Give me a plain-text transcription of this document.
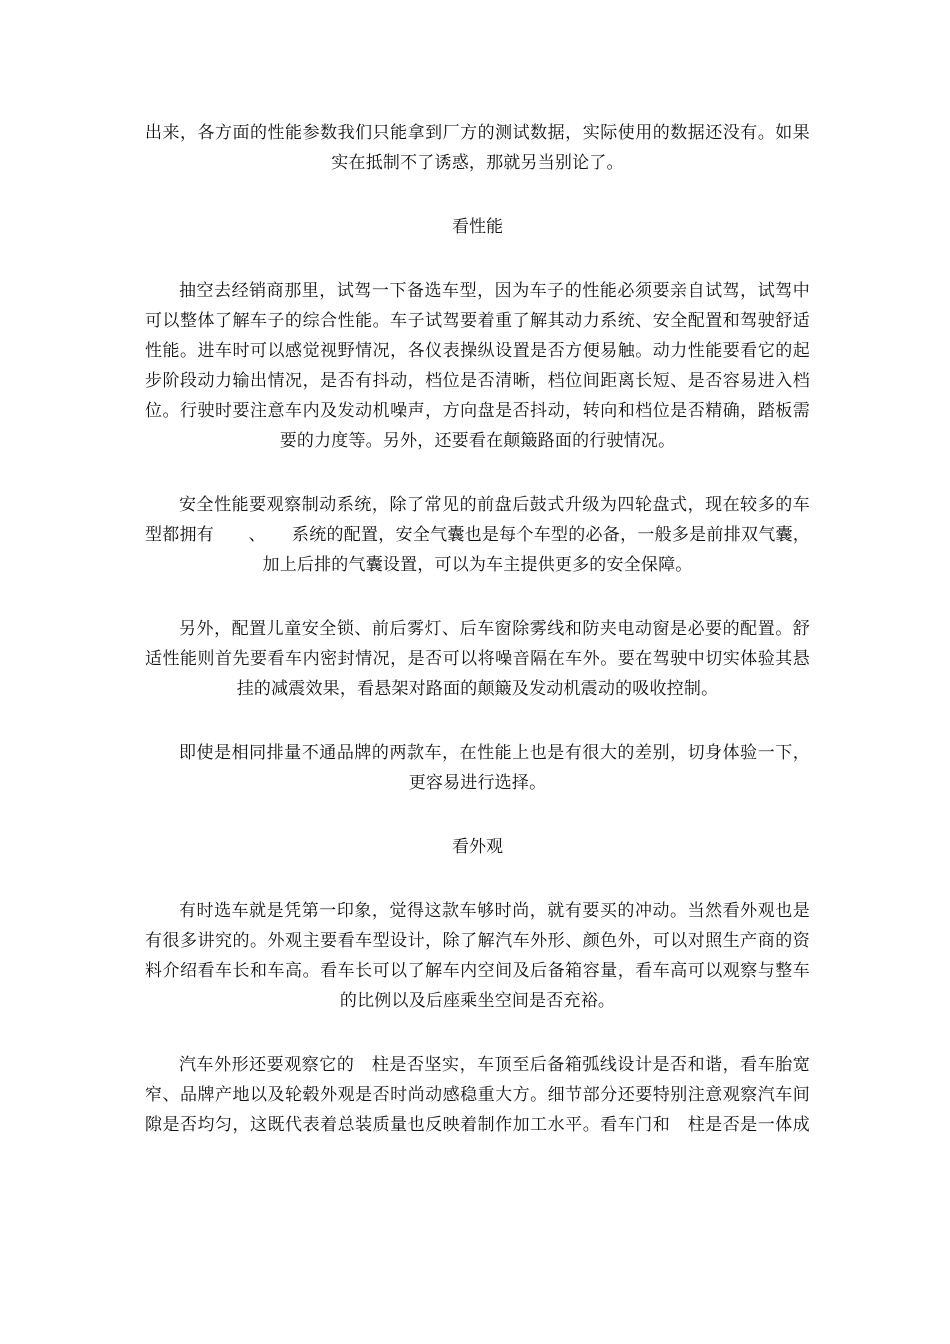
出来，各方面的性能参数我们只能拿到厂方的测试数据，实际使用的数据还没有。如果实在抵制不了诱惑，那就另当别论了。

看性能

抽空去经销商那里，试驾一下备选车型，因为车子的性能必须要亲自试驾，试驾中可以整体了解车子的综合性能。车子试驾要着重了解其动力系统、安全配置和驾驶舒适性能。进车时可以感觉视野情况，各仪表操纵设置是否方便易触。动力性能要看它的起步阶段动力输出情况，是否有抖动，档位是否清晰，档位间距离长短、是否容易进入档位。行驶时要注意车内及发动机噪声，方向盘是否抖动，转向和档位是否精确，踏板需要的力度等。另外，还要看在颠簸路面的行驶情况。

安全性能要观察制动系统，除了常见的前盘后鼓式升级为四轮盘式，现在较多的车型都拥有　　、　　系统的配置，安全气囊也是每个车型的必备，一般多是前排双气囊，加上后排的气囊设置，可以为车主提供更多的安全保障。

另外，配置儿童安全锁、前后雾灯、后车窗除雾线和防夹电动窗是必要的配置。舒适性能则首先要看车内密封情况，是否可以将噪音隔在车外。要在驾驶中切实体验其悬挂的减震效果，看悬架对路面的颠簸及发动机震动的吸收控制。

即使是相同排量不通品牌的两款车，在性能上也是有很大的差别，切身体验一下，更容易进行选择。

看外观

有时选车就是凭第一印象，觉得这款车够时尚，就有要买的冲动。当然看外观也是有很多讲究的。外观主要看车型设计，除了解汽车外形、颜色外，可以对照生产商的资料介绍看车长和车高。看车长可以了解车内空间及后备箱容量，看车高可以观察与整车的比例以及后座乘坐空间是否充裕。

汽车外形还要观察它的　柱是否坚实，车顶至后备箱弧线设计是否和谐，看车胎宽窄、品牌产地以及轮毂外观是否时尚动感稳重大方。细节部分还要特别注意观察汽车间隙是否均匀，这既代表着总装质量也反映着制作加工水平。看车门和　柱是否是一体成
